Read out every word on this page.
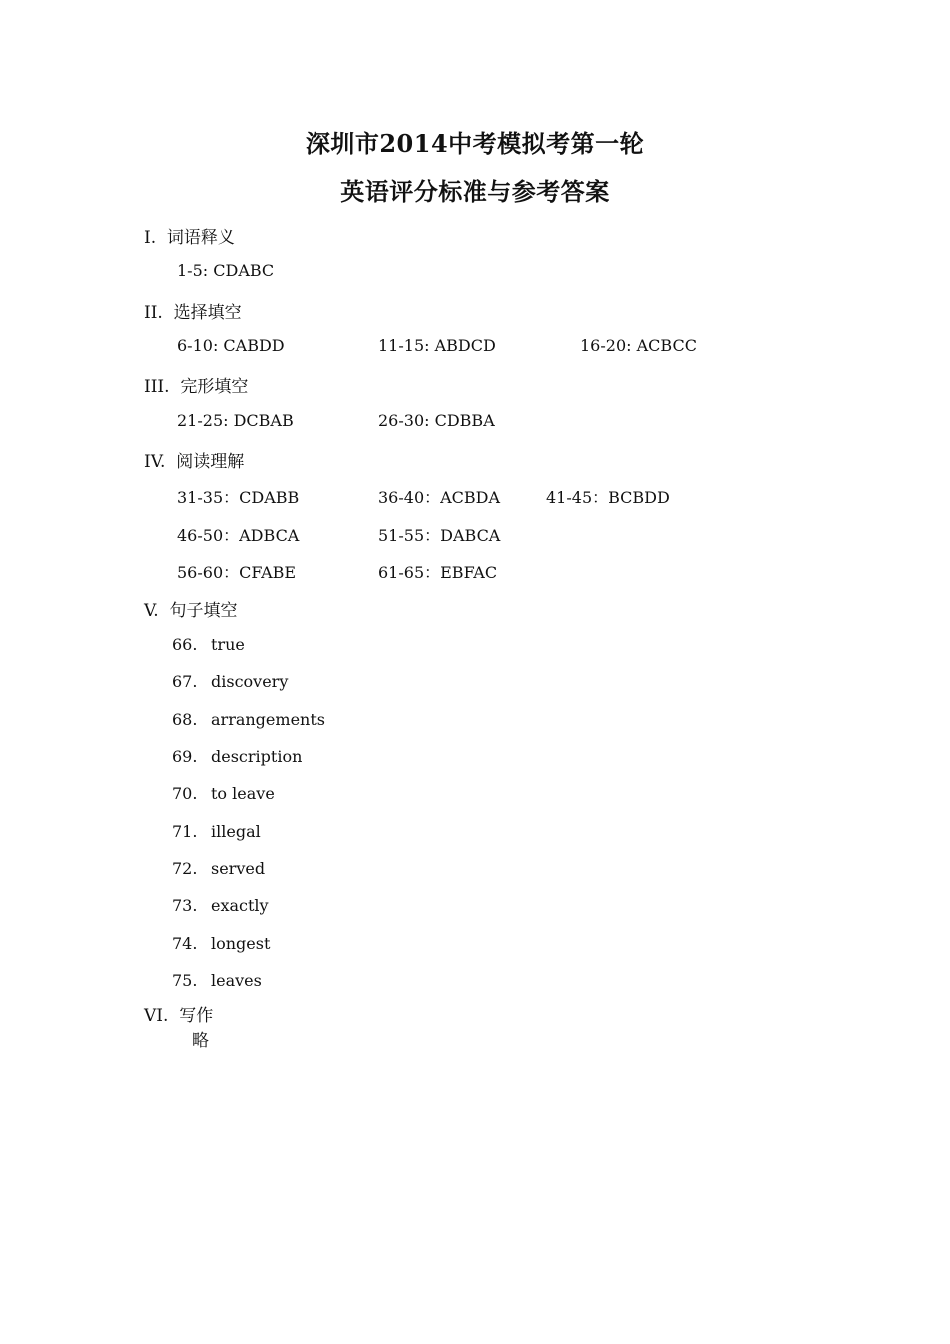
深圳市2014中考模拟考第一轮
英语评分标准与参考答案
I.  词语释义
1-5: CDABC
II.  选择填空
6-10: CABDD	11-15: ABDCD	16-20: ACBCC
III.  完形填空
21-25: DCBAB	26-30: CDBBA
IV.  阅读理解
31-35：CDABB	36-40：ACBDA	41-45：BCBDD
46-50：ADBCA	51-55：DABCA
56-60：CFABE	61-65：EBFAC
V.  句子填空
66. true
67. discovery
68. arrangements
69. description
70. to leave
71. illegal
72. served
73. exactly
74. longest
75. leaves
VI.  写作
略
